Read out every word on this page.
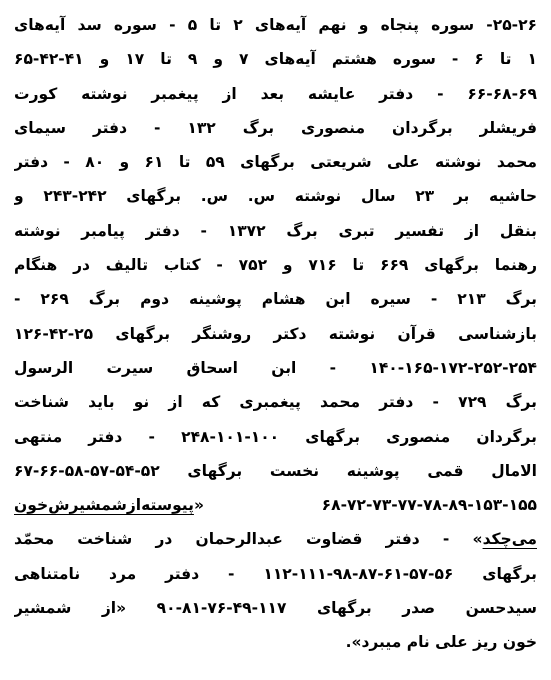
۲۵-۲۶- سوره پنجاه و نهم آیه‌های ۲ تا ۵ - سوره سد آیه‌های
۱ تا ۶ - سوره هشتم آیه‌های ۷ و ۹ تا ۱۷ و ۴۱-۴۲-۶۵
۶۶-۶۸-۶۹ - دفتر عایشه بعد از پیغمبر نوشته کورت
فریشلر برگردان منصوری برگ ۱۳۲ - دفتر سیمای
محمد نوشته علی شریعتی برگهای ۵۹ تا ۶۱ و ۸۰ - دفتر
حاشیه بر ۲۳ سال نوشته س. س. برگهای ۲۴۲-۲۴۳ و
بنقل از تفسیر تبری برگ ۱۳۷۲ - دفتر پیامبر نوشته
رهنما برگهای ۶۶۹ تا ۷۱۶ و ۷۵۲ - کتاب تالیف در هنگام
برگ ۲۱۳ - سیره ابن هشام پوشینه دوم برگ ۲۶۹ -
بازشناسی قرآن نوشته دکتر روشنگر برگهای ۲۵-۴۲-۱۲۶
۱۴۰-۱۶۵-۱۷۲-۲۵۲-۲۵۴ - ابن اسحاق سیرت الرسول
برگ ۷۲۹ - دفتر محمد پیغمبری که از نو باید شناخت
برگردان منصوری برگهای ۱۰۰-۱۰۱-۲۴۸ - دفتر منتهی
الامال قمی پوشینه نخست برگهای ۵۲-۵۴-۵۷-۵۸-۶۶-۶۷
۶۸-۷۲-۷۳-۷۷-۷۸-۸۹-۱۵۳-۱۵۵ «پیوسته‌از‌شمشیرش‌خون
می‌چکد» - دفتر قضاوت عبدالرحمان در شناخت محمّد
برگهای ۵۶-۵۷-۶۱-۸۷-۹۸-۱۱۱-۱۱۲ - دفتر مرد نامتناهی
سیدحسن صدر برگهای ۱۱۷-۴۹-۷۶-۸۱-۹۰ «از شمشیر
خون ریز علی نام میبرد».
